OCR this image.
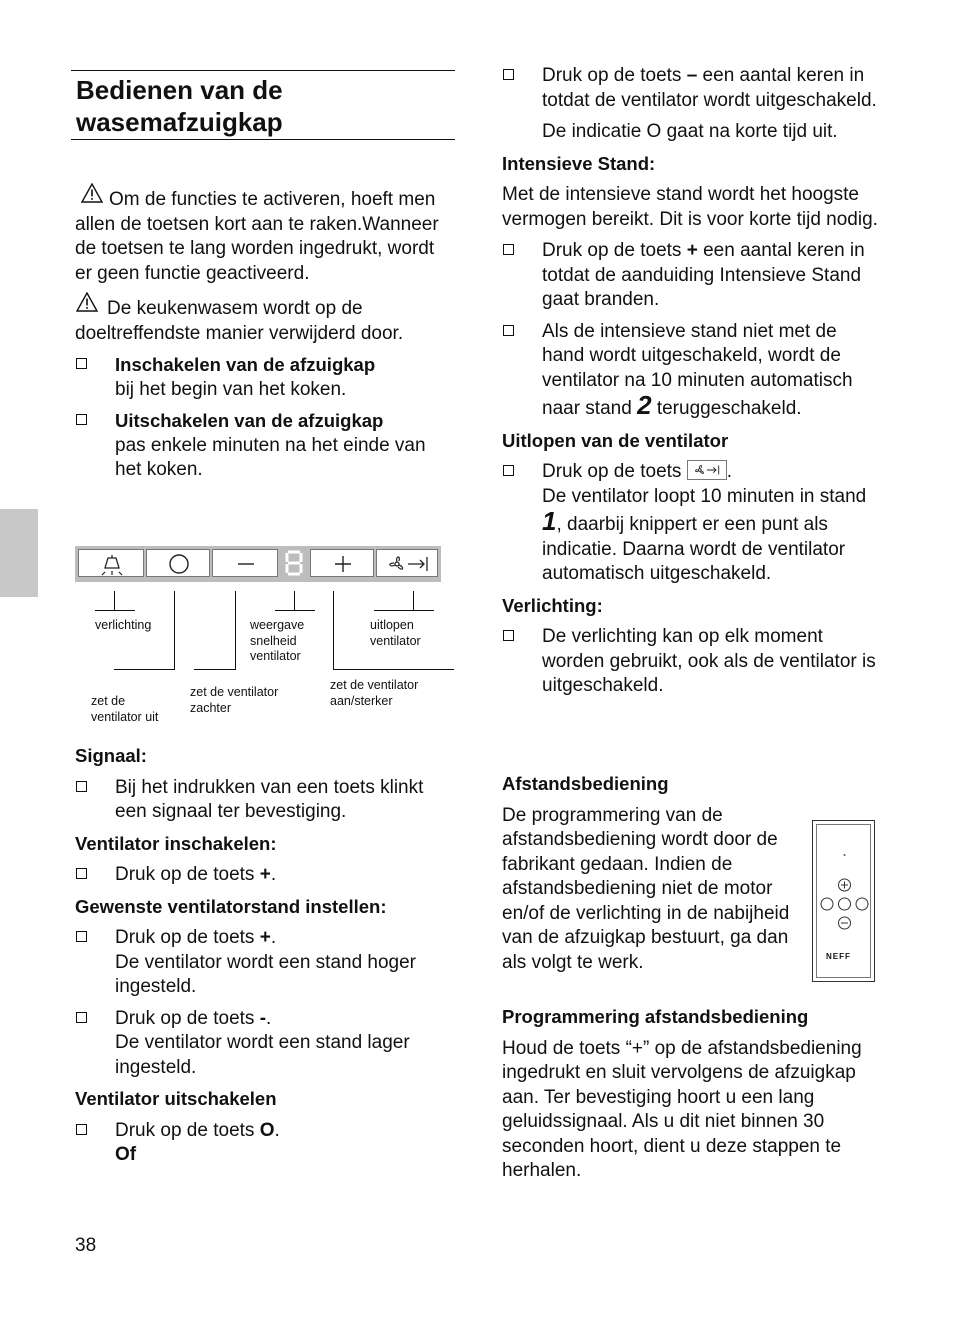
Bedienen van de
wasemafzuigkap

Om de functies te activeren, hoeft men allen de toetsen kort aan te raken.Wanneer de toetsen te lang worden ingedrukt, wordt er geen functie geactiveerd.

De keukenwasem wordt op de doeltreffendste manier verwijderd door.

Inschakelen van de afzuigkap
bij het begin van het koken.
Uitschakelen van de afzuigkap
pas enkele minuten na het einde van het koken.
verlichting	weergave
snelheid
ventilator
uitlopen
ventilator
zet de
ventilator uit
zet de ventilator
zachter
zet de ventilator
aan/sterker
Signaal:
Bij het indrukken van een toets klinkt een signaal ter bevestiging.
Ventilator inschakelen:
Druk op de toets +.
Gewenste ventilatorstand instellen:
Druk op de toets +.
De ventilator wordt een stand hoger ingesteld.
Druk op de toets -.
De ventilator wordt een stand lager ingesteld.
Ventilator uitschakelen
Druk op de toets O.
Of
38
Druk op de toets – een aantal keren in totdat de ventilator wordt uitgeschakeld.
De indicatie O gaat na korte tijd uit.
Intensieve Stand:

Met de intensieve stand wordt het hoogste vermogen bereikt. Dit is voor korte tijd nodig.

Druk op de toets + een aantal keren in totdat de aanduiding Intensieve Stand gaat branden.
Als de intensieve stand niet met de hand wordt uitgeschakeld, wordt de ventilator na 10 minuten automatisch naar stand 2 teruggeschakeld.
Uitlopen van de ventilator
Druk op de toets .
De ventilator loopt 10 minuten in stand 1, daarbij knippert er een punt als indicatie. Daarna wordt de ventilator automatisch uitgeschakeld.
Verlichting:
De verlichting kan op elk moment worden gebruikt, ook als de ventilator is uitgeschakeld.
Afstandsbediening

De programmering van de afstandsbediening wordt door de fabrikant gedaan. Indien de afstandsbediening niet de motor en/of de verlichting in de nabijheid van de afzuigkap bestuurt, ga dan als volgt te werk.	NEFF
Programmering afstandsbediening

Houd de toets “+” op de afstandsbediening ingedrukt en sluit vervolgens de afzuigkap aan. Ter bevestiging hoort u een lang geluidssignaal. Als u dit niet binnen 30 seconden hoort, dient u deze stappen te herhalen.
